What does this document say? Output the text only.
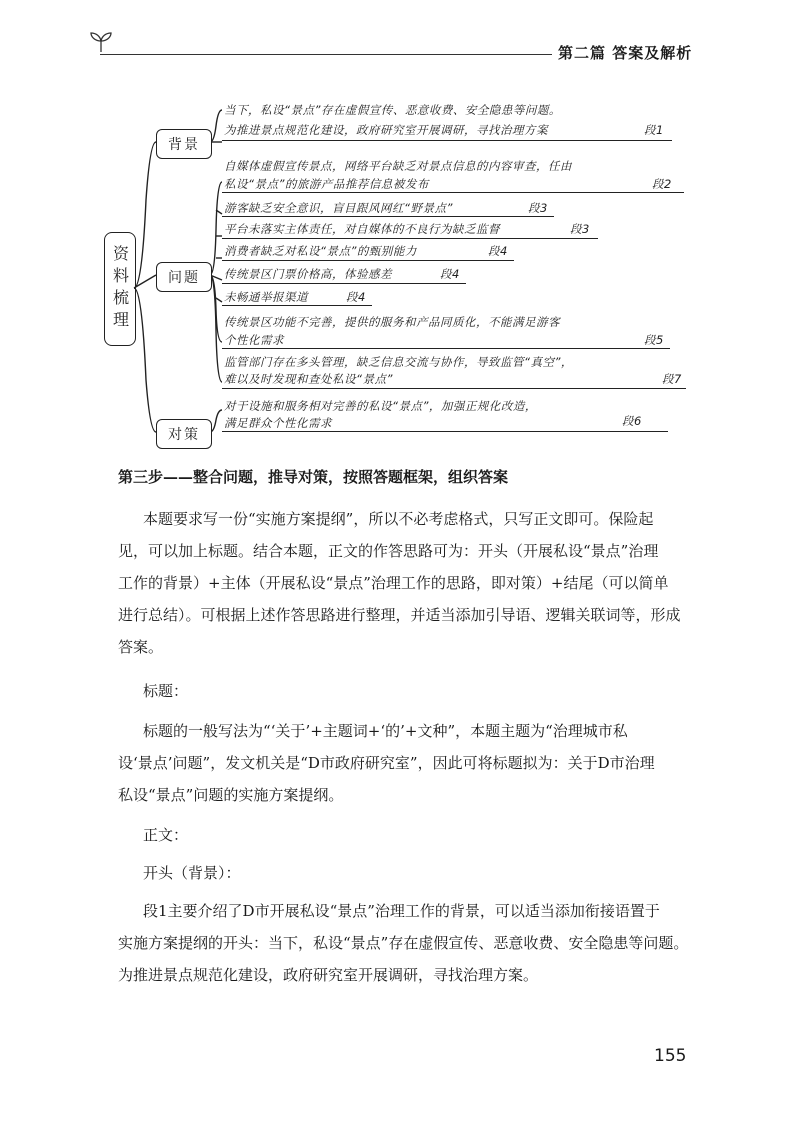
第二篇 答案及解析
资料梳理
背景
问题
对策
当下，私设“景点”存在虚假宣传、恶意收费、安全隐患等问题。
为推进景点规范化建设，政府研究室开展调研，寻找治理方案	段1
自媒体虚假宣传景点，网络平台缺乏对景点信息的内容审查，任由
私设“景点”的旅游产品推荐信息被发布	段2
游客缺乏安全意识，盲目跟风网红“野景点”	段3
平台未落实主体责任，对自媒体的不良行为缺乏监督	段3
消费者缺乏对私设“景点”的甄别能力	段4
传统景区门票价格高，体验感差	段4
未畅通举报渠道	段4
传统景区功能不完善，提供的服务和产品同质化，不能满足游客
个性化需求	段5
监管部门存在多头管理，缺乏信息交流与协作，导致监管“真空”，
难以及时发现和查处私设“景点”	段7
对于设施和服务相对完善的私设“景点”，加强正规化改造，
满足群众个性化需求	段6
第三步——整合问题，推导对策，按照答题框架，组织答案
本题要求写一份“实施方案提纲”，所以不必考虑格式，只写正文即可。保险起
见，可以加上标题。结合本题，正文的作答思路可为：开头（开展私设“景点”治理
工作的背景）+主体（开展私设“景点”治理工作的思路，即对策）+结尾（可以简单
进行总结）。可根据上述作答思路进行整理，并适当添加引导语、逻辑关联词等，形成
答案。
标题：
标题的一般写法为“‘关于’+主题词+‘的’+文种”，本题主题为“治理城市私
设‘景点’问题”，发文机关是“D市政府研究室”，因此可将标题拟为：关于D市治理
私设“景点”问题的实施方案提纲。
正文：
开头（背景）：
段1主要介绍了D市开展私设“景点”治理工作的背景，可以适当添加衔接语置于
实施方案提纲的开头：当下，私设“景点”存在虚假宣传、恶意收费、安全隐患等问题。
为推进景点规范化建设，政府研究室开展调研，寻找治理方案。
155
